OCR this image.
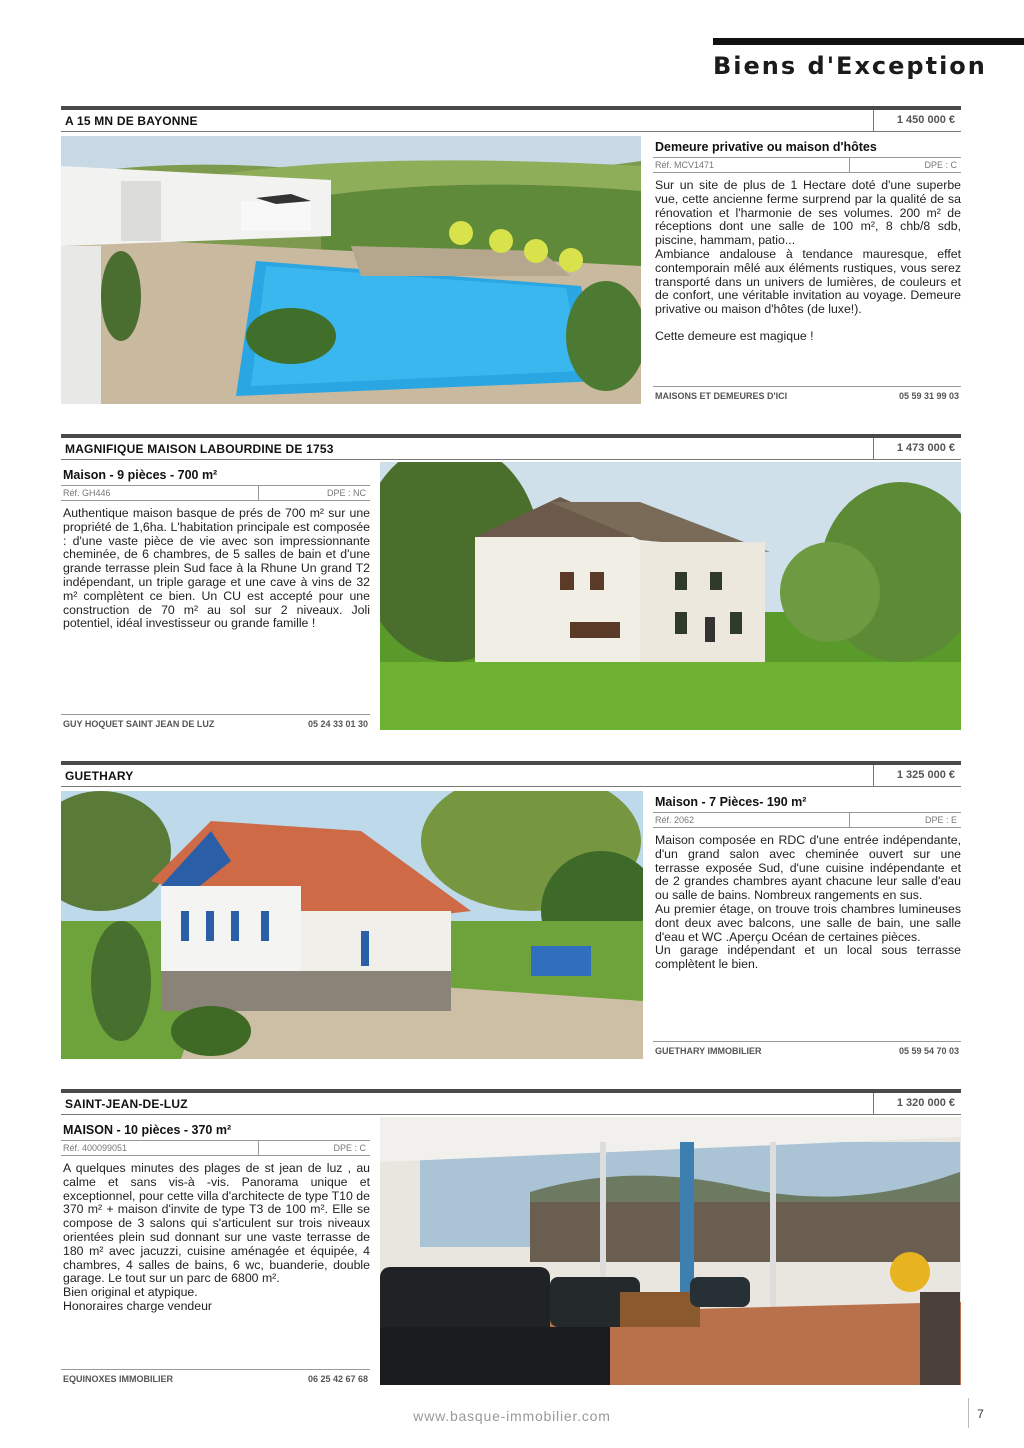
Biens d'Exception
A 15 MN DE BAYONNE	1 450 000 €
Demeure privative ou maison d'hôtes
Réf. MCV1471	DPE : C

Sur un site de plus de 1 Hectare doté d'une superbe vue, cette ancienne ferme surprend par la qualité de sa rénovation et l'harmonie de ses volumes. 200 m² de réceptions dont une salle de 100 m², 8 chb/8 sdb, piscine, hammam, patio...

Ambiance andalouse à tendance mauresque, effet contemporain mêlé aux éléments rustiques, vous serez transporté dans un univers de lumières, de couleurs et de confort, une véritable invitation au voyage. Demeure privative ou maison d'hôtes (de luxe!).

Cette demeure est magique !

MAISONS ET DEMEURES D'ICI	05 59 31 99 03
MAGNIFIQUE MAISON LABOURDINE DE 1753	1 473 000 €
Maison - 9 pièces - 700 m²
Réf. GH446	DPE : NC

Authentique maison basque de prés de 700 m² sur une propriété de 1,6ha. L'habitation principale est composée : d'une vaste pièce de vie avec son impressionnante cheminée, de 6 chambres, de 5 salles de bain et d'une grande terrasse plein Sud face à la Rhune Un grand T2 indépendant, un triple garage et une cave à vins de 32 m² complètent ce bien. Un CU est accepté pour une construction de 70 m² au sol sur 2 niveaux. Joli potentiel, idéal investisseur ou grande famille !

GUY HOQUET SAINT JEAN DE LUZ	05 24 33 01 30
GUETHARY	1 325 000 €
Maison - 7 Pièces- 190 m²
Réf. 2062	DPE : E

Maison composée en RDC d'une entrée indépendante, d'un grand salon avec cheminée ouvert sur une terrasse exposée Sud, d'une cuisine indépendante et de 2 grandes chambres ayant chacune leur salle d'eau ou salle de bains. Nombreux rangements en sus.

Au premier étage, on trouve trois chambres lumineuses dont deux avec balcons, une salle de bain, une salle d'eau et WC .Aperçu Océan de certaines pièces.

Un garage indépendant et un local sous terrasse complètent le bien.

GUETHARY IMMOBILIER	05 59 54 70 03
SAINT-JEAN-DE-LUZ	1 320 000 €
MAISON - 10 pièces - 370 m²
Réf. 400099051	DPE : C

A quelques minutes des plages de st jean de luz , au calme et sans vis-à -vis. Panorama unique et exceptionnel, pour cette villa d'architecte de type T10 de 370 m² + maison d'invite de type T3 de 100 m². Elle se compose de 3 salons qui s'articulent sur trois niveaux orientées plein sud donnant sur une vaste terrasse de 180 m² avec jacuzzi, cuisine aménagée et équipée, 4 chambres, 4 salles de bains, 6 wc, buanderie, double garage. Le tout sur un parc de 6800 m².

Bien original et atypique.

Honoraires charge vendeur

EQUINOXES IMMOBILIER	06 25 42 67 68
www.basque-immobilier.com	7
